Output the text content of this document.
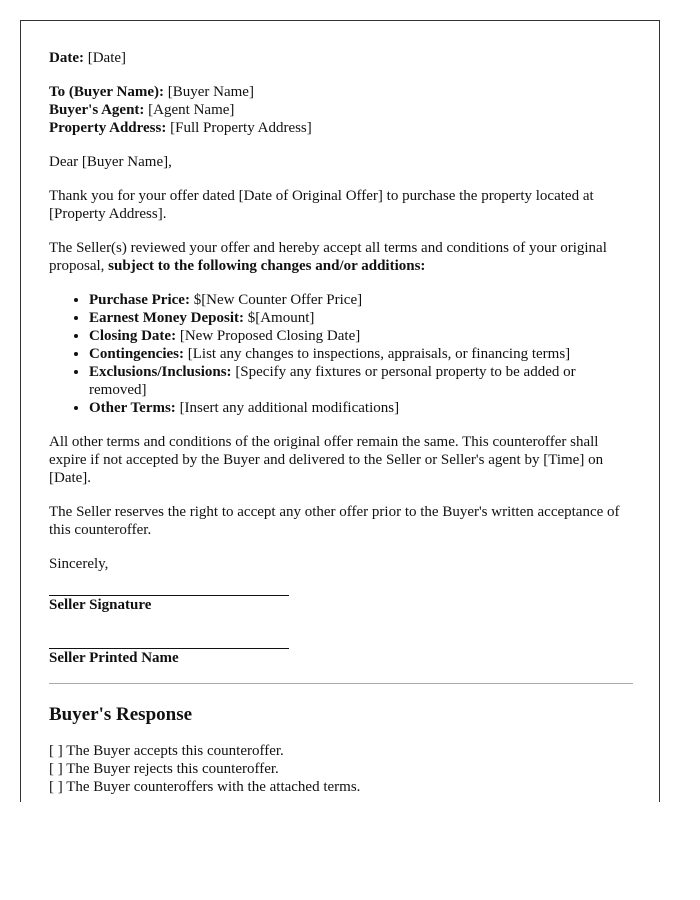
Date: [Date]

To (Buyer Name): [Buyer Name]

Buyer's Agent: [Agent Name]

Property Address: [Full Property Address]

Dear [Buyer Name],

Thank you for your offer dated [Date of Original Offer] to purchase the property located at [Property Address].

The Seller(s) reviewed your offer and hereby accept all terms and conditions of your original proposal, subject to the following changes and/or additions:

• Purchase Price: $[New Counter Offer Price]
• Earnest Money Deposit: $[Amount]
• Closing Date: [New Proposed Closing Date]
• Contingencies: [List any changes to inspections, appraisals, or financing terms]
• Exclusions/Inclusions: [Specify any fixtures or personal property to be added or removed]
• Other Terms: [Insert any additional modifications]

All other terms and conditions of the original offer remain the same. This counteroffer shall expire if not accepted by the Buyer and delivered to the Seller or Seller's agent by [Time] on [Date].

The Seller reserves the right to accept any other offer prior to the Buyer's written acceptance of this counteroffer.

Sincerely,

Seller Signature

Seller Printed Name

Buyer's Response

[ ] The Buyer accepts this counteroffer.

[ ] The Buyer rejects this counteroffer.

[ ] The Buyer counteroffers with the attached terms.
